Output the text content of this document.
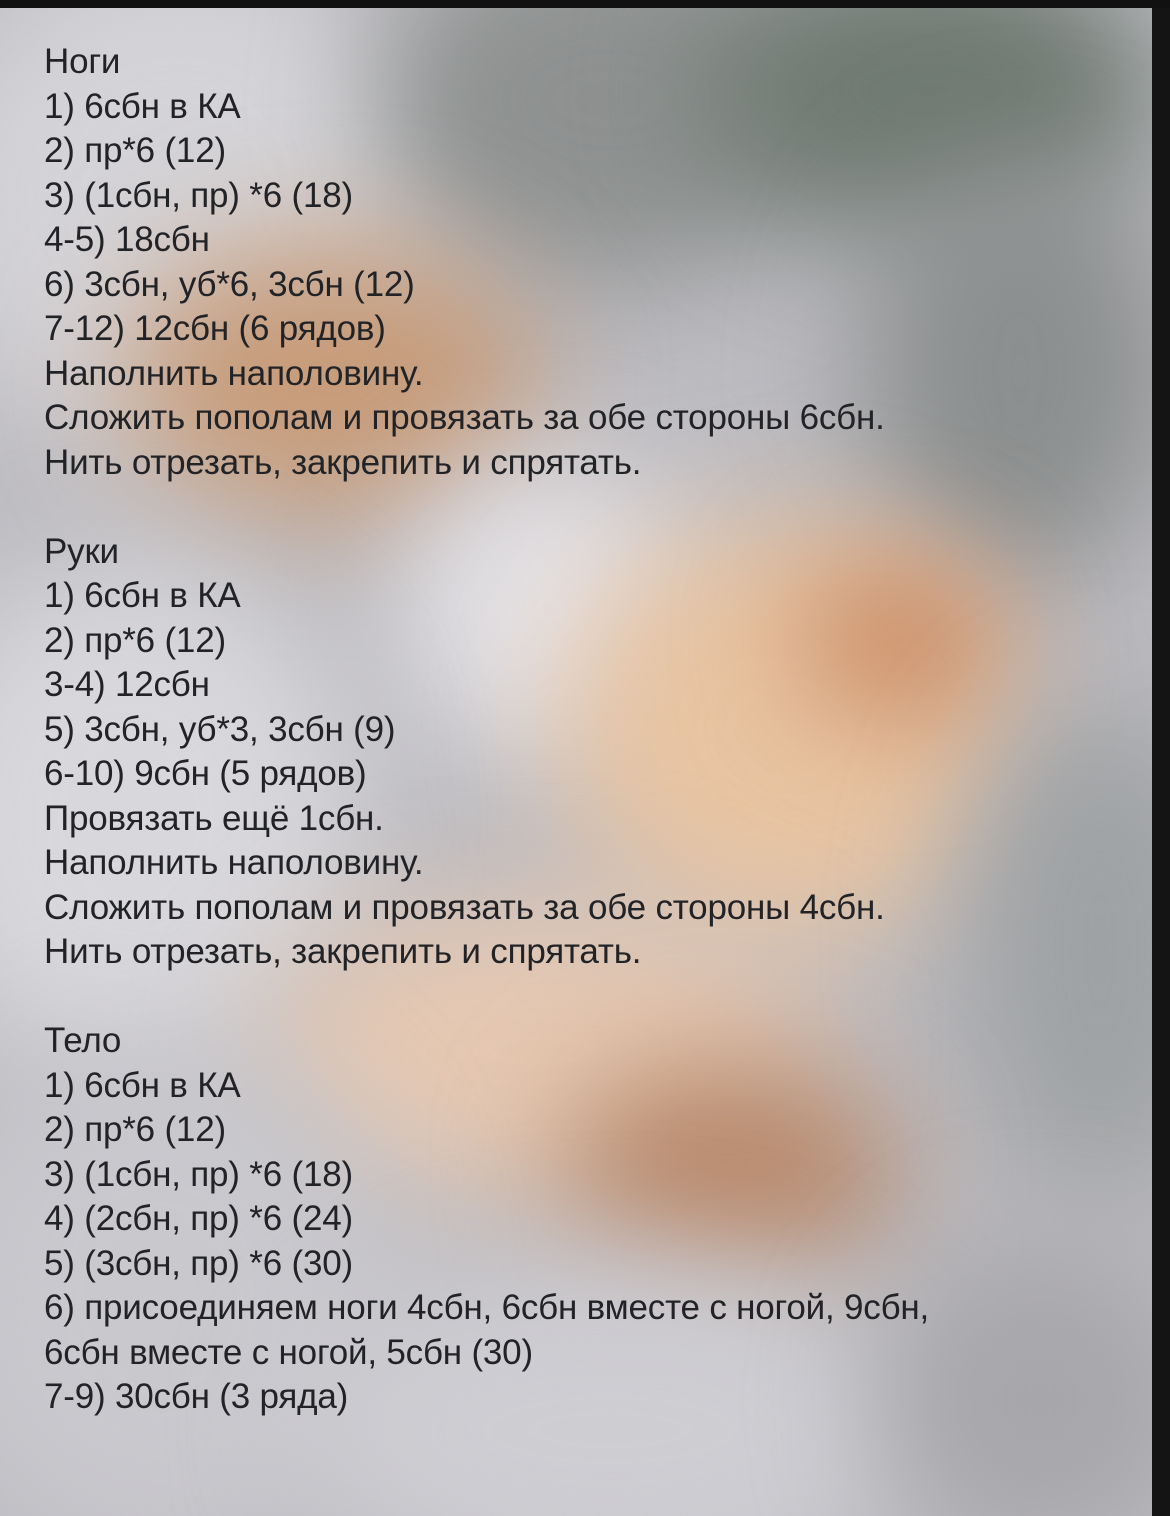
Ноги
1) 6сбн в КА
2) пр*6 (12)
3) (1сбн, пр) *6 (18)
4-5) 18сбн
6) 3сбн, уб*6, 3сбн (12)
7-12) 12сбн (6 рядов)
Наполнить наполовину.
Сложить пополам и провязать за обе стороны 6сбн.
Нить отрезать, закрепить и спрятать.
Руки
1) 6сбн в КА
2) пр*6 (12)
3-4) 12сбн
5) 3сбн, уб*3, 3сбн (9)
6-10) 9сбн (5 рядов)
Провязать ещё 1сбн.
Наполнить наполовину.
Сложить пополам и провязать за обе стороны 4сбн.
Нить отрезать, закрепить и спрятать.
Тело
1) 6сбн в КА
2) пр*6 (12)
3) (1сбн, пр) *6 (18)
4) (2сбн, пр) *6 (24)
5) (3сбн, пр) *6 (30)
6) присоединяем ноги 4сбн, 6сбн вместе с ногой, 9сбн,
6сбн вместе с ногой, 5сбн (30)
7-9) 30сбн (3 ряда)
